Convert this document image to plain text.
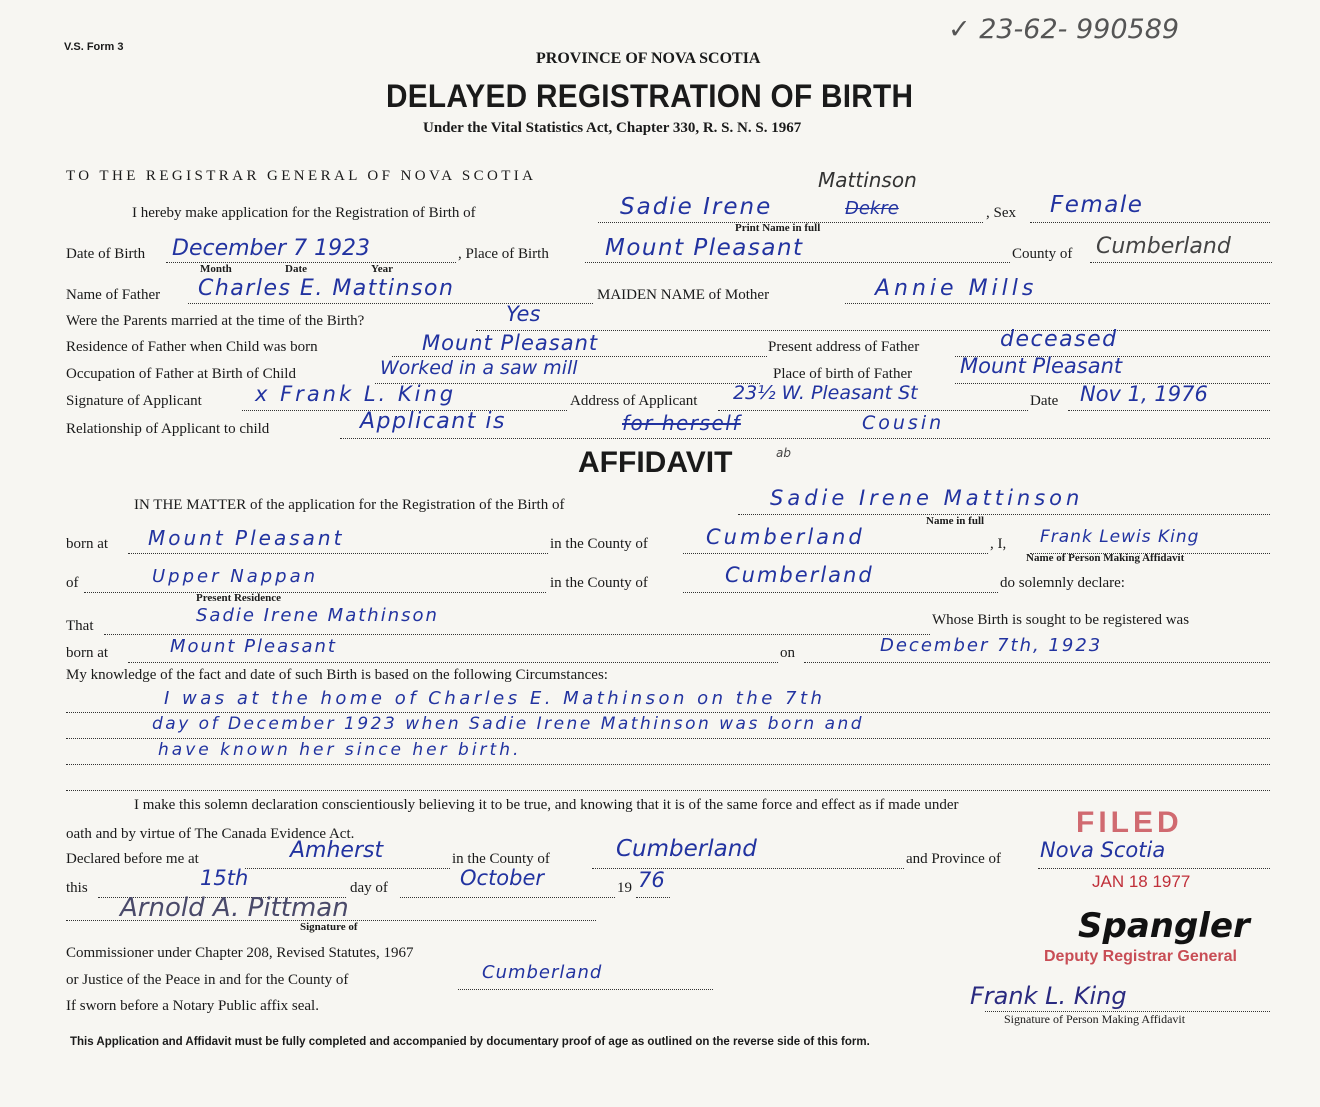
V.S. Form 3
✓ 23-62- 990589
PROVINCE OF NOVA SCOTIA
DELAYED REGISTRATION OF BIRTH
Under the Vital Statistics Act, Chapter 330, R. S. N. S. 1967
TO THE REGISTRAR GENERAL OF NOVA SCOTIA
I hereby make application for the Registration of Birth of	Sadie Irene	Dekre
Mattinson
Print Name in full
, Sex Female
Date of Birth December 7 1923
Month	Date	Year
, Place of Birth Mount Pleasant	County of Cumberland
Name of Father Charles E. Mattinson	MAIDEN NAME of Mother	Annie Mills
Were the Parents married at the time of the Birth?	Yes
Residence of Father when Child was born	Mount Pleasant	Present address of Father	deceased
Occupation of Father at Birth of Child	Worked in a saw mill	Place of birth of Father Mount Pleasant
Signature of Applicant	x Frank L. King	Address of Applicant 23½ W. Pleasant St	Date Nov 1, 1976
Relationship of Applicant to child	Applicant is	for herself	Cousin
AFFIDAVIT	ab
IN THE MATTER of the application for the Registration of the Birth of	Sadie Irene Mattinson
Name in full
born at Mount Pleasant	in the County of	Cumberland	, I, Frank Lewis King
Name of Person Making Affidavit
of	Upper Nappan
Present Residence
in the County of	Cumberland	do solemnly declare:
That	Sadie Irene Mathinson	Whose Birth is sought to be registered was
born at	Mount Pleasant	on	December 7th, 1923
My knowledge of the fact and date of such Birth is based on the following Circumstances:
I was at the home of Charles E. Mathinson on the 7th
day of December 1923 when Sadie Irene Mathinson was born and
have known her since her birth.
I make this solemn declaration conscientiously believing it to be true, and knowing that it is of the same force and effect as if made under
oath and by virtue of The Canada Evidence Act.
Declared before me at	Amherst	in the County of	Cumberland	and Province of Nova Scotia
this	15th	day of	October	19 76
Arnold A. Pittman
Signature of
Commissioner under Chapter 208, Revised Statutes, 1967
or Justice of the Peace in and for the County of	Cumberland
If sworn before a Notary Public affix seal.
FILED
JAN 18 1977
Spangler
Deputy Registrar General
Frank L. King
Signature of Person Making Affidavit
This Application and Affidavit must be fully completed and accompanied by documentary proof of age as outlined on the reverse side of this form.
